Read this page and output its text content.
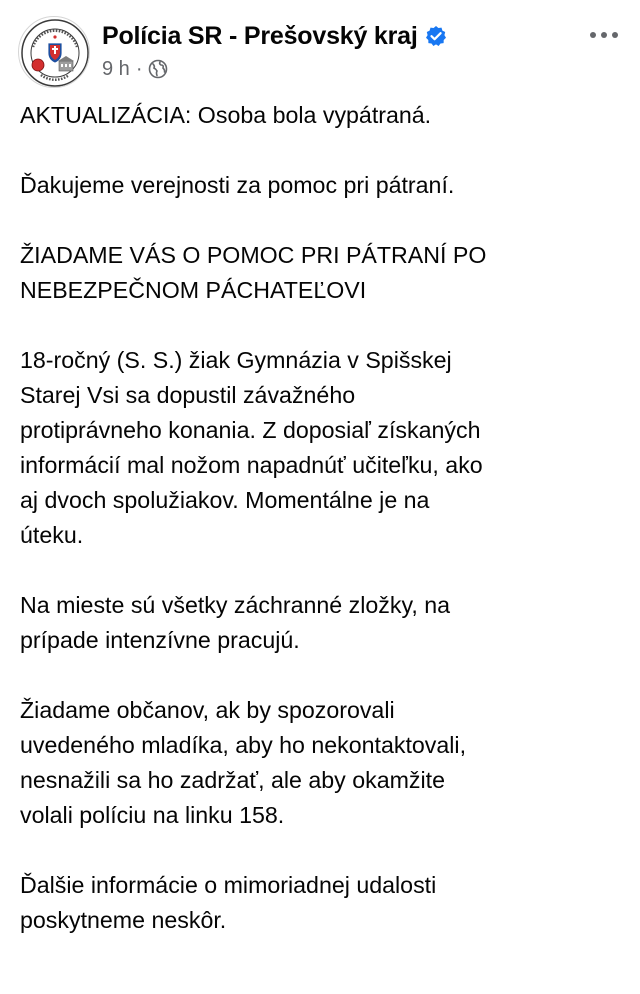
Polícia SR - Prešovský kraj
9 h ·

AKTUALIZÁCIA: Osoba bola vypátraná.

Ďakujeme verejnosti za pomoc pri pátraní.

ŽIADAME VÁS O POMOC PRI PÁTRANÍ PO
NEBEZPEČNOM PÁCHATEĽOVI

18-ročný (S. S.) žiak Gymnázia v Spišskej
Starej Vsi sa dopustil závažného
protiprávneho konania. Z doposiaľ získaných
informácií mal nožom napadnúť učiteľku, ako
aj dvoch spolužiakov. Momentálne je na
úteku.

Na mieste sú všetky záchranné zložky, na
prípade intenzívne pracujú.

Žiadame občanov, ak by spozorovali
uvedeného mladíka, aby ho nekontaktovali,
nesnažili sa ho zadržať, ale aby okamžite
volali políciu na linku 158.

Ďalšie informácie o mimoriadnej udalosti
poskytneme neskôr.
